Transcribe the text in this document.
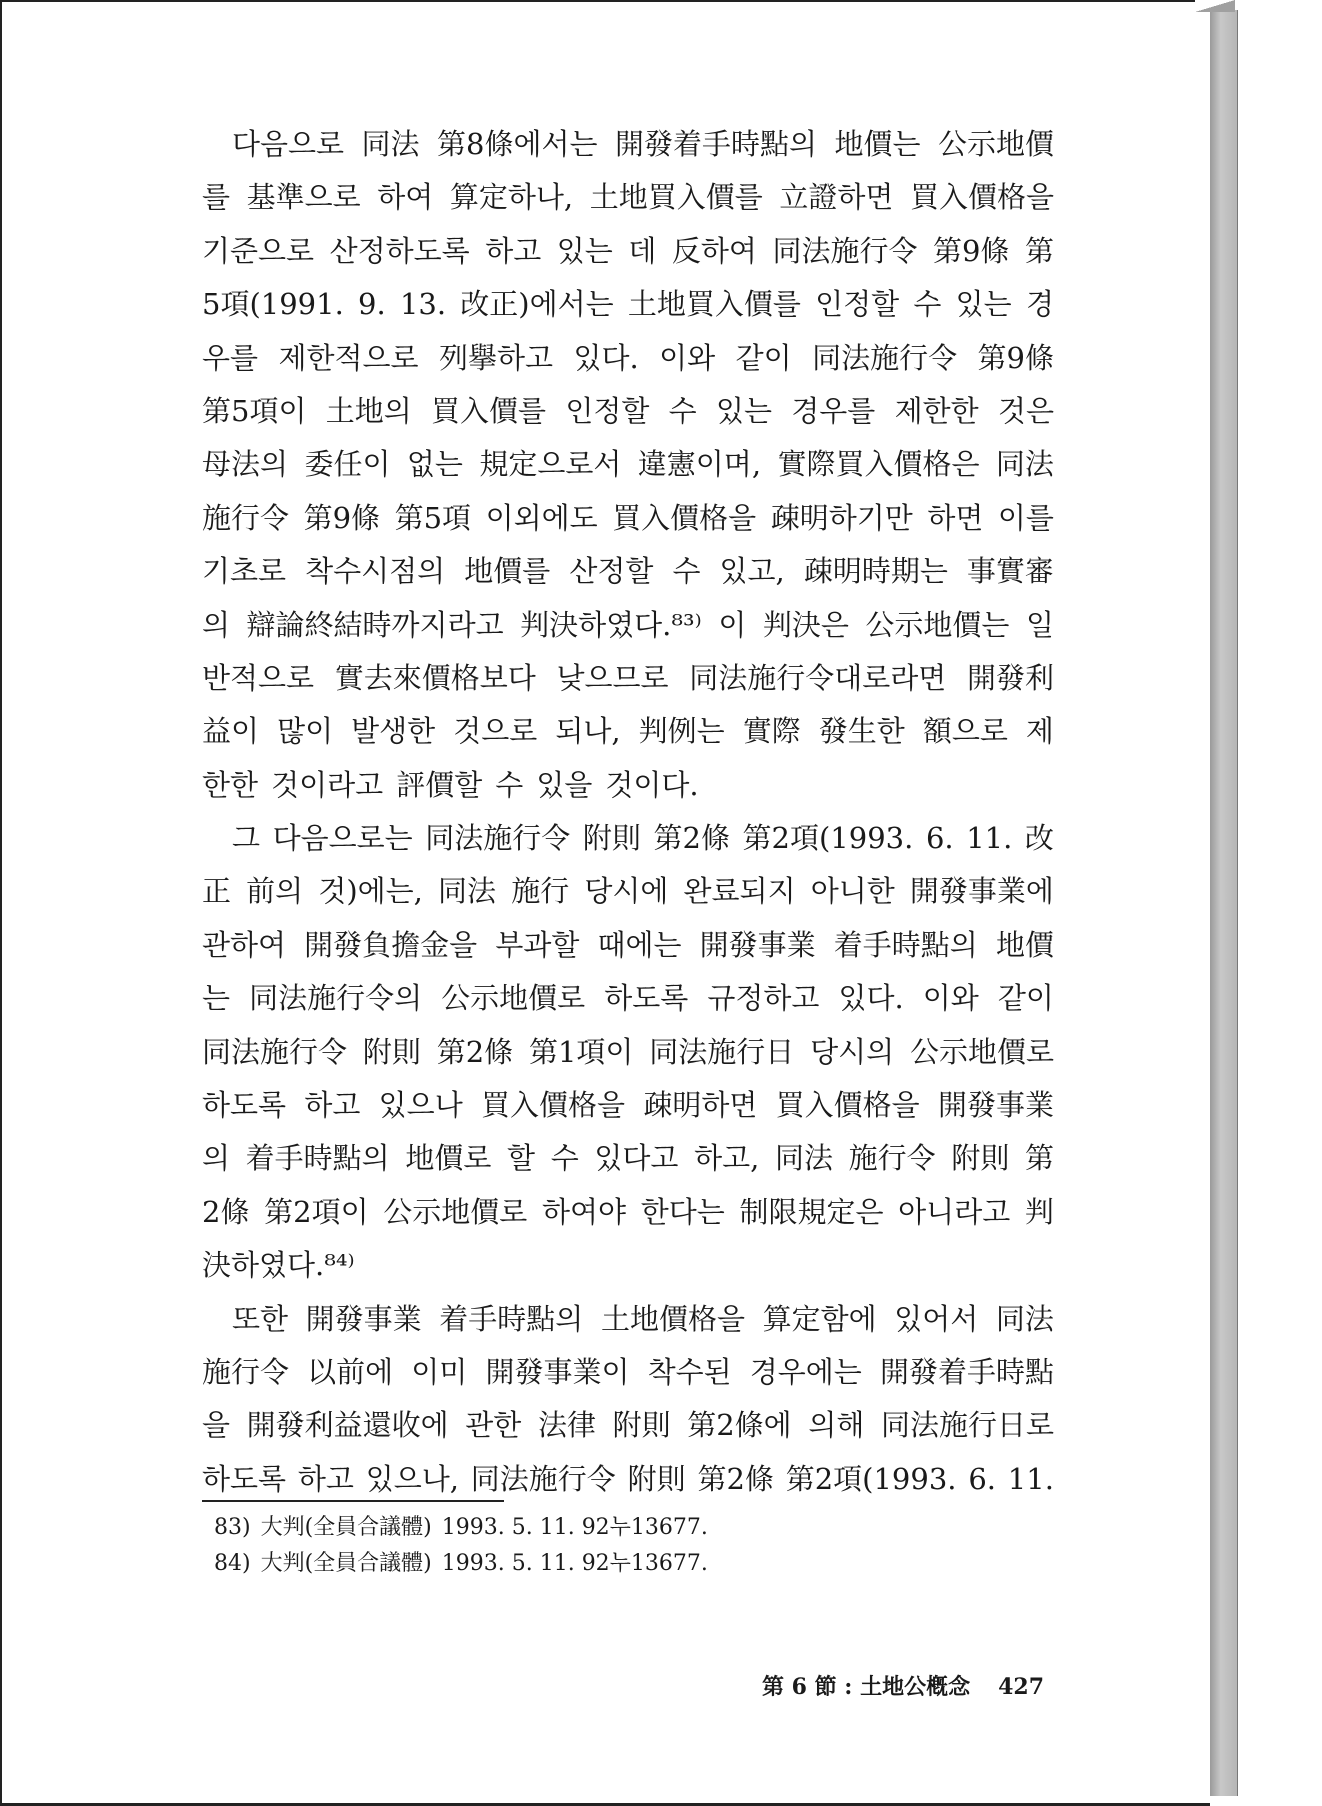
다음으로 同法 第8條에서는 開發着手時點의 地價는 公示地價
를 基準으로 하여 算定하나, 土地買入價를 立證하면 買入價格을
기준으로 산정하도록 하고 있는 데 反하여 同法施行令 第9條 第
5項(1991. 9. 13. 改正)에서는 土地買入價를 인정할 수 있는 경
우를 제한적으로 列擧하고 있다. 이와 같이 同法施行令 第9條
第5項이 土地의 買入價를 인정할 수 있는 경우를 제한한 것은
母法의 委任이 없는 規定으로서 違憲이며, 實際買入價格은 同法
施行令 第9條 第5項 이외에도 買入價格을 疎明하기만 하면 이를
기초로 착수시점의 地價를 산정할 수 있고, 疎明時期는 事實審
의 辯論終結時까지라고 判決하였다.⁸³⁾ 이 判決은 公示地價는 일
반적으로 實去來價格보다 낮으므로 同法施行令대로라면 開發利
益이 많이 발생한 것으로 되나, 判例는 實際 發生한 額으로 제
한한 것이라고 評價할 수 있을 것이다.
그 다음으로는 同法施行令 附則 第2條 第2項(1993. 6. 11. 改
正 前의 것)에는, 同法 施行 당시에 완료되지 아니한 開發事業에
관하여 開發負擔金을 부과할 때에는 開發事業 着手時點의 地價
는 同法施行令의 公示地價로 하도록 규정하고 있다. 이와 같이
同法施行令 附則 第2條 第1項이 同法施行日 당시의 公示地價로
하도록 하고 있으나 買入價格을 疎明하면 買入價格을 開發事業
의 着手時點의 地價로 할 수 있다고 하고, 同法 施行令 附則 第
2條 第2項이 公示地價로 하여야 한다는 制限規定은 아니라고 判
決하였다.⁸⁴⁾
또한 開發事業 着手時點의 土地價格을 算定함에 있어서 同法
施行令 以前에 이미 開發事業이 착수된 경우에는 開發着手時點
을 開發利益還收에 관한 法律 附則 第2條에 의해 同法施行日로
하도록 하고 있으나, 同法施行令 附則 第2條 第2項(1993. 6. 11.
83) 大判(全員合議體) 1993. 5. 11. 92누13677.
84) 大判(全員合議體) 1993. 5. 11. 92누13677.
第 6 節 : 土地公槪念 427
